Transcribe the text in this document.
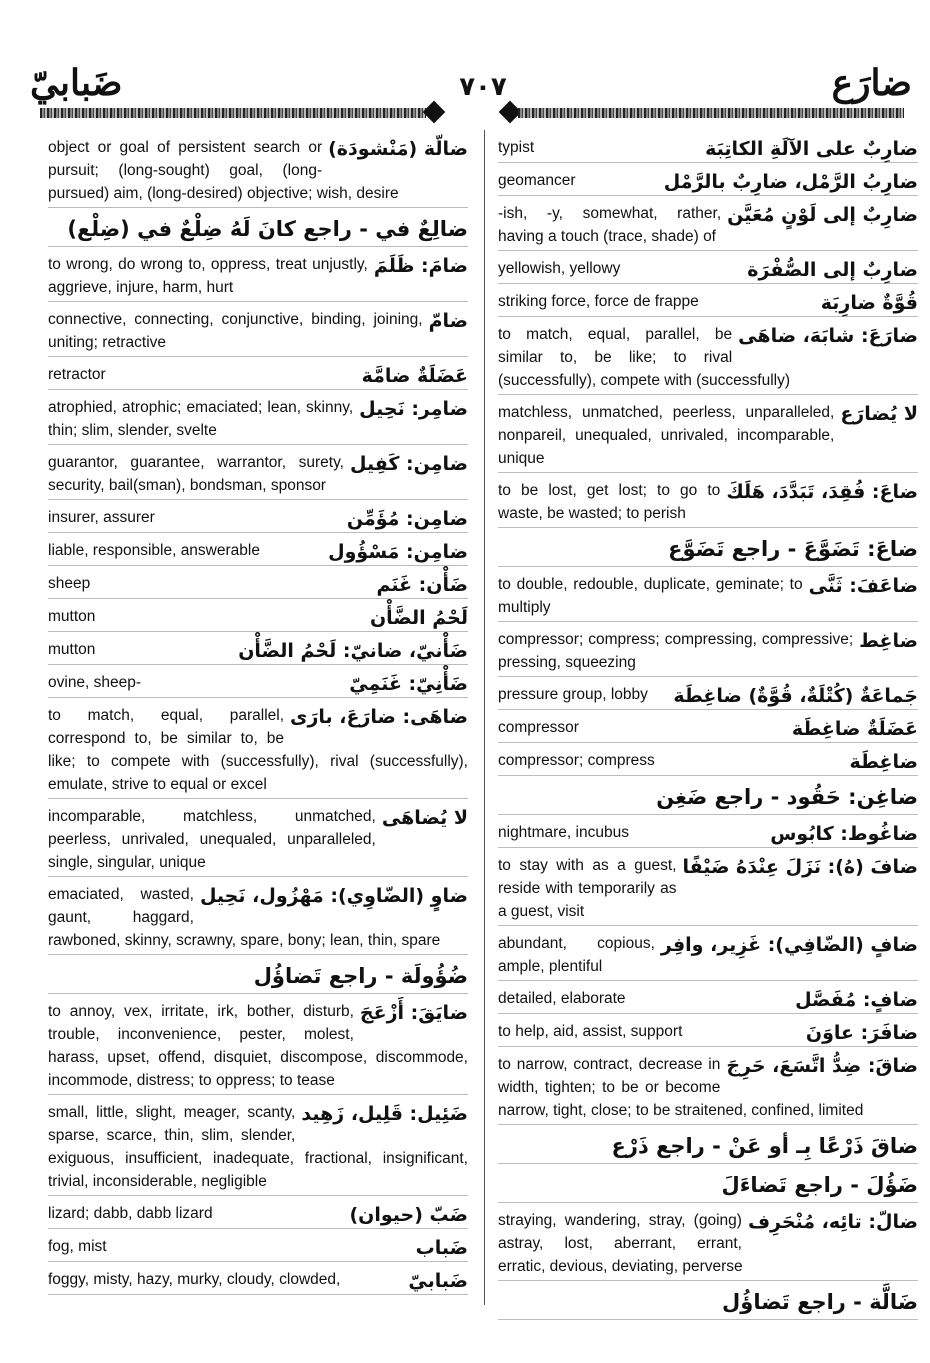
ضَبابيّ	٧٠٧	ضارَع
ضالّة (مَنْشودَة)
object or goal of persistent search or pursuit; (long-sought) goal, (long-pursued) aim, (long-desired) objective; wish, desire
ضالِعٌ في - راجع كانَ لَهُ ضِلْعٌ في (ضِلْع)
ضامَ: ظَلَمَ
to wrong, do wrong to, oppress, treat unjustly, aggrieve, injure, harm, hurt
ضامّ
connective, connecting, conjunctive, binding, joining, uniting; retractive
عَضَلَةٌ ضامَّة
retractor
ضامِر: نَحِيل
atrophied, atrophic; emaciated; lean, skinny, thin; slim, slender, svelte
ضامِن: كَفِيل
guarantor, guarantee, warrantor, surety, security, bail(sman), bondsman, sponsor
ضامِن: مُؤَمِّن
insurer, assurer
ضامِن: مَسْؤُول
liable, responsible, answerable
ضَأْن: غَنَم
sheep
لَحْمُ الضَّأْن
mutton
ضَأْنيّ، ضانيّ: لَحْمُ الضَّأْن
mutton
ضَأْنِيّ: غَنَمِيّ
ovine, sheep-
ضاهَى: ضارَعَ، بارَى
to match, equal, parallel, correspond to, be similar to, be like; to compete with (successfully), rival (successfully), emulate, strive to equal or excel
لا يُضاهَى
incomparable, matchless, unmatched, peerless, unrivaled, unequaled, unparalleled, single, singular, unique
ضاوٍ (الضّاوِي): مَهْزُول، نَحِيل
emaciated, wasted, gaunt, haggard, rawboned, skinny, scrawny, spare, bony; lean, thin, spare
ضُؤُولَة - راجع تَضاؤُل
ضايَقَ: أَزْعَجَ
to annoy, vex, irritate, irk, bother, disturb, trouble, inconvenience, pester, molest, harass, upset, offend, disquiet, discompose, discommode, incommode, distress; to oppress; to tease
ضَئِيل: قَلِيل، زَهِيد
small, little, slight, meager, scanty, sparse, scarce, thin, slim, slender, exiguous, insufficient, inadequate, fractional, insignificant, trivial, inconsiderable, negligible
ضَبّ (حيوان)
lizard; dabb, dabb lizard
ضَباب
fog, mist
ضَبابيّ
foggy, misty, hazy, murky, cloudy, clowded,
ضارِبٌ على الآلَةِ الكاتِبَة
typist
ضارِبُ الرَّمْل، ضارِبٌ بالرَّمْل
geomancer
ضارِبٌ إلى لَوْنٍ مُعَيَّن
-ish, -y, somewhat, rather, having a touch (trace, shade) of
ضارِبٌ إلى الصُّفْرَة
yellowish, yellowy
قُوَّةٌ ضارِبَة
striking force, force de frappe
ضارَعَ: شابَهَ، ضاهَى
to match, equal, parallel, be similar to, be like; to rival (successfully), compete with (successfully)
لا يُضارَع
matchless, unmatched, peerless, unparalleled, nonpareil, unequaled, unrivaled, incomparable, unique
ضاعَ: فُقِدَ، تَبَدَّدَ، هَلَكَ
to be lost, get lost; to go to waste, be wasted; to perish
ضاعَ: تَضَوَّعَ - راجع تَضَوَّع
ضاعَفَ: ثَنَّى
to double, redouble, duplicate, geminate; to multiply
ضاغِط
compressor; compress; compressing, compressive; pressing, squeezing
جَماعَةٌ (كُتْلَةٌ، قُوَّةٌ) ضاغِطَة
pressure group, lobby
عَضَلَةٌ ضاغِطَة
compressor
ضاغِطَة
compressor; compress
ضاغِن: حَقُود - راجع ضَغِن
ضاغُوط: كابُوس
nightmare, incubus
ضافَ (هُ): نَزَلَ عِنْدَهُ ضَيْفًا
to stay with as a guest, reside with temporarily as a guest, visit
ضافٍ (الضّافِي): غَزِير، وافِر
abundant, copious, ample, plentiful
ضافٍ: مُفَصَّل
detailed, elaborate
ضافَرَ: عاوَنَ
to help, aid, assist, support
ضاقَ: ضِدُّ اتَّسَعَ، حَرِجَ
to narrow, contract, decrease in width, tighten; to be or become narrow, tight, close; to be straitened, confined, limited
ضاقَ ذَرْعًا بِـ أو عَنْ - راجع ذَرْع
ضَؤُلَ - راجع تَضاءَلَ
ضالّ: تائِه، مُنْحَرِف
straying, wandering, stray, (going) astray, lost, aberrant, errant, erratic, devious, deviating, perverse
ضَالَّة - راجع تَضاؤُل
